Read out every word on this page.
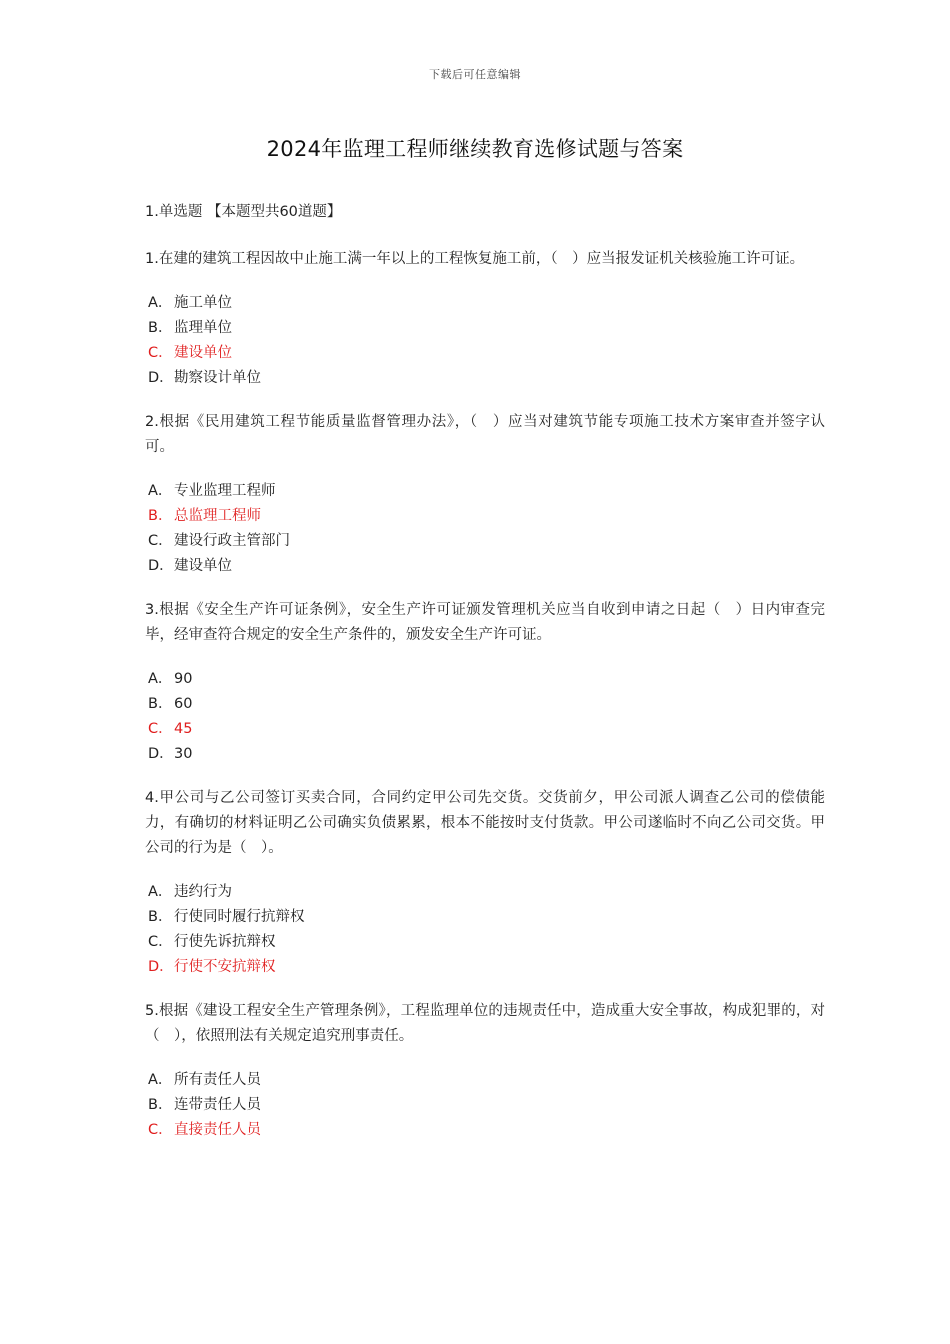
下载后可任意编辑
2024年监理工程师继续教育选修试题与答案
1.单选题 【本题型共60道题】
1.在建的建筑工程因故中止施工满一年以上的工程恢复施工前，（　）应当报发证机关核验施工许可证。
A． 施工单位
B． 监理单位
C．建设单位
D．勘察设计单位
2.根据《民用建筑工程节能质量监督管理办法》，（　）应当对建筑节能专项施工技术方案审查并签字认可。
A． 专业监理工程师
B． 总监理工程师
C．建设行政主管部门
D．建设单位
3.根据《安全生产许可证条例》，安全生产许可证颁发管理机关应当自收到申请之日起（　）日内审查完毕，经审查符合规定的安全生产条件的，颁发安全生产许可证。
A． 90
B． 60
C．45
D．30
4.甲公司与乙公司签订买卖合同，合同约定甲公司先交货。交货前夕，甲公司派人调查乙公司的偿债能力，有确切的材料证明乙公司确实负债累累，根本不能按时支付货款。甲公司遂临时不向乙公司交货。甲公司的行为是（　）。
A． 违约行为
B． 行使同时履行抗辩权
C．行使先诉抗辩权
D．行使不安抗辩权
5.根据《建设工程安全生产管理条例》，工程监理单位的违规责任中，造成重大安全事故，构成犯罪的，对（　），依照刑法有关规定追究刑事责任。
A． 所有责任人员
B． 连带责任人员
C．直接责任人员
